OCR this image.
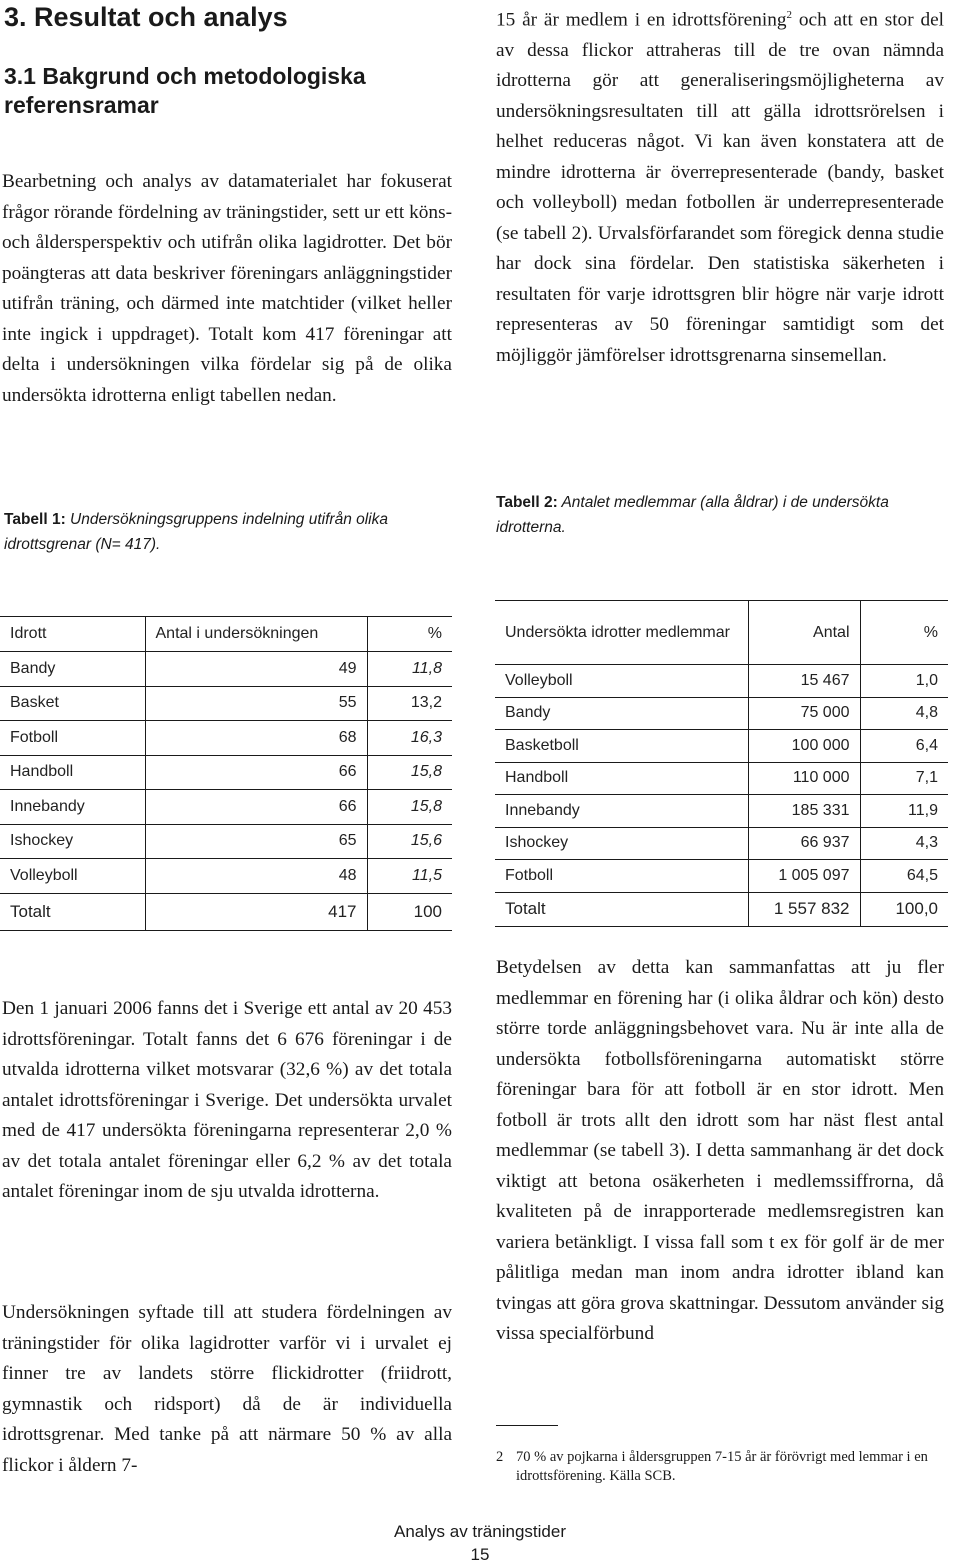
3. Resultat och analys
3.1 Bakgrund och metodologiska referensramar
Bearbetning och analys av datamaterialet har fokuserat frågor rörande fördelning av träningstider, sett ur ett köns- och åldersperspektiv och utifrån olika lagidrotter. Det bör poängteras att data beskriver föreningars anläggningstider utifrån träning, och därmed inte matchtider (vilket heller inte ingick i uppdraget). Totalt kom 417 föreningar att delta i undersökningen vilka fördelar sig på de olika undersökta idrotterna enligt tabellen nedan.
Tabell 1: Undersökningsgruppens indelning utifrån olika idrottsgrenar (N= 417).
Idrott	Antal i undersökningen	%
Bandy	49	11,8
Basket	55	13,2
Fotboll	68	16,3
Handboll	66	15,8
Innebandy	66	15,8
Ishockey	65	15,6
Volleyboll	48	11,5
Totalt	417	100
Den 1 januari 2006 fanns det i Sverige ett antal av 20 453 idrottsföreningar. Totalt fanns det 6 676 föreningar i de utvalda idrotterna vilket motsvarar (32,6 %) av det totala antalet idrottsföreningar i Sverige. Det undersökta urvalet med de 417 undersökta föreningarna representerar 2,0 % av det totala antalet föreningar eller 6,2 % av det totala antalet föreningar inom de sju utvalda idrotterna.
Undersökningen syftade till att studera fördelningen av träningstider för olika lagidrotter varför vi i urvalet ej finner tre av landets större flickidrotter (friidrott, gymnastik och ridsport) då de är individuella idrottsgrenar. Med tanke på att närmare 50 % av alla flickor i åldern 7-
15 år är medlem i en idrottsförening$^2$ och att en stor del av dessa flickor attraheras till de tre ovan nämnda idrotterna gör att generaliseringsmöjligheterna av undersökningsresultaten till att gälla idrottsrörelsen i helhet reduceras något. Vi kan även konstatera att de mindre idrotterna är överrepresenterade (bandy, basket och volleyboll) medan fotbollen är underrepresenterade (se tabell 2). Urvalsförfarandet som föregick denna studie har dock sina fördelar. Den statistiska säkerheten i resultaten för varje idrottsgren blir högre när varje idrott representeras av 50 föreningar samtidigt som det möjliggör jämförelser idrottsgrenarna sinsemellan.
Tabell 2: Antalet medlemmar (alla åldrar) i de undersökta idrotterna.
Undersökta idrotter medlemmar	Antal	%
Volleyboll	15 467	1,0
Bandy	75 000	4,8
Basketboll	100 000	6,4
Handboll	110 000	7,1
Innebandy	185 331	11,9
Ishockey	66 937	4,3
Fotboll	1 005 097	64,5
Totalt	1 557 832	100,0
Betydelsen av detta kan sammanfattas att ju fler medlemmar en förening har (i olika åldrar och kön) desto större torde anläggningsbehovet vara. Nu är inte alla de undersökta fotbollsföreningarna automatiskt större föreningar bara för att fotboll är en stor idrott. Men fotboll är trots allt den idrott som har näst flest antal medlemmar (se tabell 3). I detta sammanhang är det dock viktigt att betona osäkerheten i medlemssiffrorna, då kvaliteten på de inrapporterade medlemsregistren kan variera betänkligt. I vissa fall som t ex för golf är de mer pålitliga medan man inom andra idrotter ibland kan tvingas att göra grova skattningar. Dessutom använder sig vissa specialförbund
2 70 % av pojkarna i åldersgruppen 7-15 år är förövrigt med lemmar i en idrottsförening. Källa SCB.
Analys av träningstider
15
